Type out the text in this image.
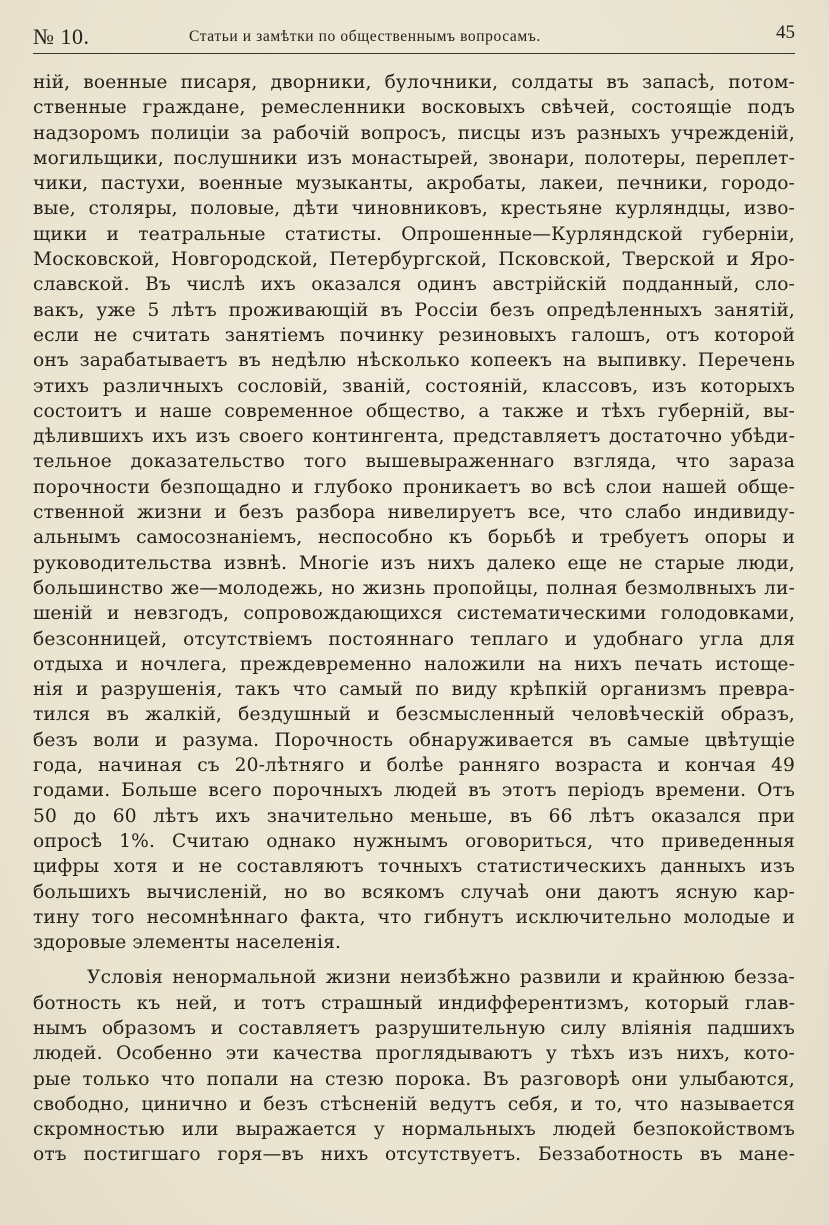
№ 10.	Статьи и замѣтки по общественнымъ вопросамъ.	45
ній, военные писаря, дворники, булочники, солдаты въ запасѣ, потом-
ственные граждане, ремесленники восковыхъ свѣчей, состоящіе подъ
надзоромъ полиціи за рабочій вопросъ, писцы изъ разныхъ учрежденій,
могильщики, послушники изъ монастырей, звонари, полотеры, переплет-
чики, пастухи, военные музыканты, акробаты, лакеи, печники, городо-
вые, столяры, половые, дѣти чиновниковъ, крестьяне курляндцы, изво-
щики и театральные статисты. Опрошенные—Курляндской губерніи,
Московской, Новгородской, Петербургской, Псковской, Тверской и Яро-
славской. Въ числѣ ихъ оказался одинъ австрійскій подданный, сло-
вакъ, уже 5 лѣтъ проживающій въ Россіи безъ опредѣленныхъ занятій,
если не считать занятіемъ починку резиновыхъ галошъ, отъ которой
онъ зарабатываетъ въ недѣлю нѣсколько копеекъ на выпивку. Перечень
этихъ различныхъ сословій, званій, состояній, классовъ, изъ которыхъ
состоитъ и наше современное общество, а также и тѣхъ губерній, вы-
дѣлившихъ ихъ изъ своего контингента, представляетъ достаточно убѣди-
тельное доказательство того вышевыраженнаго взгляда, что зараза
порочности безпощадно и глубоко проникаетъ во всѣ слои нашей обще-
ственной жизни и безъ разбора нивелируетъ все, что слабо индивиду-
альнымъ самосознаніемъ, неспособно къ борьбѣ и требуетъ опоры и
руководительства извнѣ. Многіе изъ нихъ далеко еще не старые люди,
большинство же—молодежь, но жизнь пропойцы, полная безмолвныхъ ли-
шеній и невзгодъ, сопровождающихся систематическими голодовками,
безсонницей, отсутствіемъ постояннаго теплаго и удобнаго угла для
отдыха и ночлега, преждевременно наложили на нихъ печать истоще-
нія и разрушенія, такъ что самый по виду крѣпкій организмъ превра-
тился въ жалкій, бездушный и безсмысленный человѣческій образъ,
безъ воли и разума. Порочность обнаруживается въ самые цвѣтущіе
года, начиная съ 20-лѣтняго и болѣе ранняго возраста и кончая 49
годами. Больше всего порочныхъ людей въ этотъ періодъ времени. Отъ
50 до 60 лѣтъ ихъ значительно меньше, въ 66 лѣтъ оказался при
опросѣ 1%. Считаю однако нужнымъ оговориться, что приведенныя
цифры хотя и не составляютъ точныхъ статистическихъ данныхъ изъ
большихъ вычисленій, но во всякомъ случаѣ они даютъ ясную кар-
тину того несомнѣннаго факта, что гибнутъ исключительно молодые и
здоровые элементы населенія.
Условія ненормальной жизни неизбѣжно развили и крайнюю безза-
ботность къ ней, и тотъ страшный индифферентизмъ, который глав-
нымъ образомъ и составляетъ разрушительную силу вліянія падшихъ
людей. Особенно эти качества проглядываютъ у тѣхъ изъ нихъ, кото-
рые только что попали на стезю порока. Въ разговорѣ они улыбаются,
свободно, цинично и безъ стѣсненій ведутъ себя, и то, что называется
скромностью или выражается у нормальныхъ людей безпокойствомъ
отъ постигшаго горя—въ нихъ отсутствуетъ. Беззаботность въ мане-
